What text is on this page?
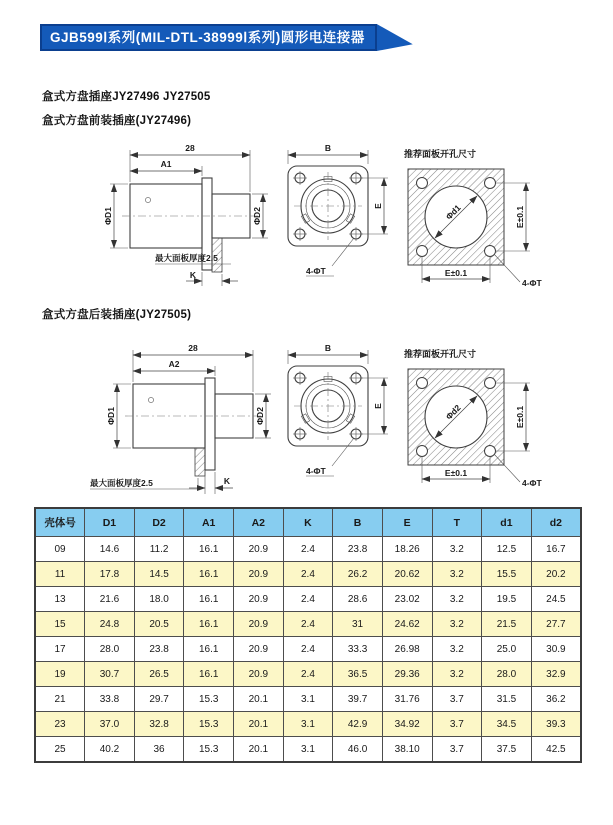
GJB599Ⅰ系列(MIL-DTL-38999Ⅰ系列)圆形电连接器
盒式方盘插座JY27496 JY27505
盒式方盘前装插座(JY27496)
盒式方盘后装插座(JY27505)
28
A1
ΦD1	ΦD2
最大面板厚度2.5
K
B
E
4-ΦT
推荐面板开孔尺寸
Φd1	E±0.1
E±0.1
4-ΦT
28
A2
ΦD1	ΦD2
最大面板厚度2.5	K
B
E
4-ΦT
推荐面板开孔尺寸
Φd2	E±0.1
E±0.1
4-ΦT
壳体号	D1	D2	A1	A2	K	B	E	T	d1	d2
09	14.6	11.2	16.1	20.9	2.4	23.8	18.26	3.2	12.5	16.7
11	17.8	14.5	16.1	20.9	2.4	26.2	20.62	3.2	15.5	20.2
13	21.6	18.0	16.1	20.9	2.4	28.6	23.02	3.2	19.5	24.5
15	24.8	20.5	16.1	20.9	2.4	31	24.62	3.2	21.5	27.7
17	28.0	23.8	16.1	20.9	2.4	33.3	26.98	3.2	25.0	30.9
19	30.7	26.5	16.1	20.9	2.4	36.5	29.36	3.2	28.0	32.9
21	33.8	29.7	15.3	20.1	3.1	39.7	31.76	3.7	31.5	36.2
23	37.0	32.8	15.3	20.1	3.1	42.9	34.92	3.7	34.5	39.3
25	40.2	36	15.3	20.1	3.1	46.0	38.10	3.7	37.5	42.5
